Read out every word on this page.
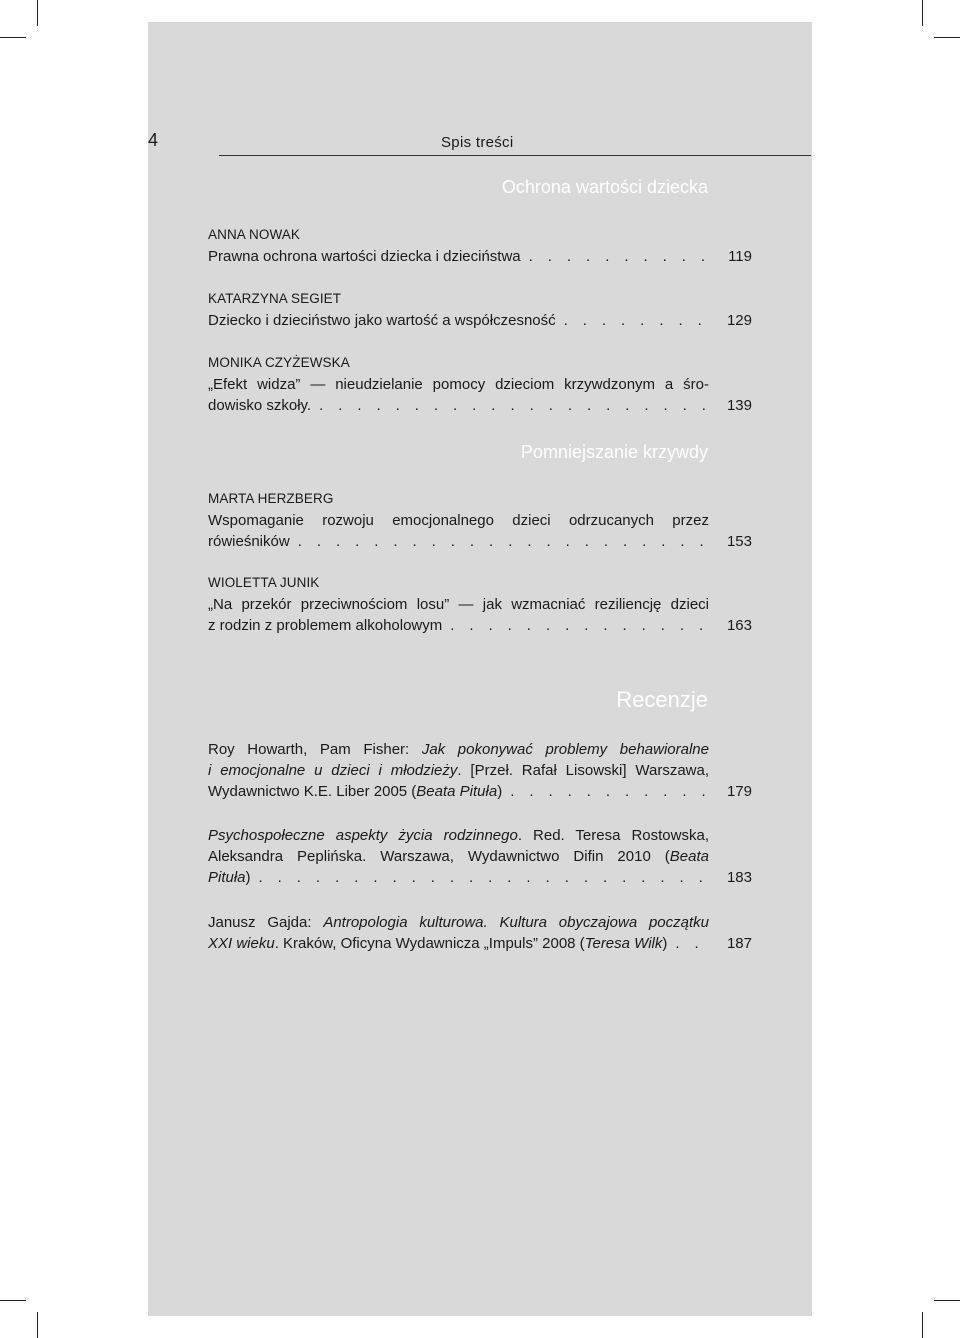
4	Spis treści
Ochrona wartości dziecka
ANNA NOWAK
Prawna ochrona wartości dziecka i dzieciństwa . . .	119
KATARZYNA SEGIET
Dziecko i dzieciństwo jako wartość a współczesność . . .	129
MONIKA CZYŻEWSKA
„Efekt widza” — nieudzielanie pomocy dzieciom krzywdzonym a śro-
dowisko szkoły. . . .	139
Pomniejszanie krzywdy
MARTA HERZBERG
Wspomaganie rozwoju emocjonalnego dzieci odrzucanych przez
rówieśników . . .	153
WIOLETTA JUNIK
„Na przekór przeciwnościom losu” — jak wzmacniać reziliencję dzieci
z rodzin z problemem alkoholowym . . .	163
Recenzje
Roy Howarth, Pam Fisher: Jak pokonywać problemy behawioralne
i emocjonalne u dzieci i młodzieży. [Przeł. Rafał Lisowski] Warszawa,
Wydawnictwo K.E. Liber 2005 (Beata Pituła) . . .	179
Psychospołeczne aspekty życia rodzinnego. Red. Teresa Rostowska,
Aleksandra Peplińska. Warszawa, Wydawnictwo Difin 2010 (Beata
Pituła) . . .	183
Janusz Gajda: Antropologia kulturowa. Kultura obyczajowa początku
XXI wieku. Kraków, Oficyna Wydawnicza „Impuls” 2008 (Teresa Wilk) . . .	187
